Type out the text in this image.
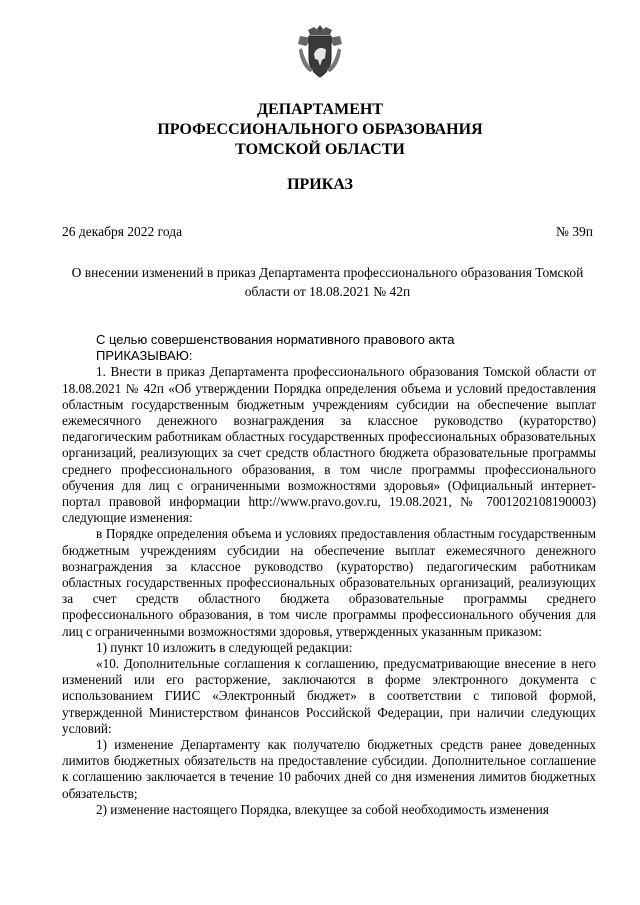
ДЕПАРТАМЕНТ
ПРОФЕССИОНАЛЬНОГО ОБРАЗОВАНИЯ
ТОМСКОЙ ОБЛАСТИ
ПРИКАЗ
26 декабря 2022 года	№ 39п
О внесении изменений в приказ Департамента профессионального образования Томской области от 18.08.2021 № 42п

С целью совершенствования нормативного правового акта

ПРИКАЗЫВАЮ:

1. Внести в приказ Департамента профессионального образования Томской области от 18.08.2021 № 42п «Об утверждении Порядка определения объема и условий предоставления областным государственным бюджетным учреждениям субсидии на обеспечение выплат ежемесячного денежного вознаграждения за классное руководство (кураторство) педагогическим работникам областных государственных профессиональных образовательных организаций, реализующих за счет средств областного бюджета образовательные программы среднего профессионального образования, в том числе программы профессионального обучения для лиц с ограниченными возможностями здоровья» (Официальный интернет-портал правовой информации http://www.pravo.gov.ru, 19.08.2021, № 7001202108190003) следующие изменения:

в Порядке определения объема и условиях предоставления областным государственным бюджетным учреждениям субсидии на обеспечение выплат ежемесячного денежного вознаграждения за классное руководство (кураторство) педагогическим работникам областных государственных профессиональных образовательных организаций, реализующих за счет средств областного бюджета образовательные программы среднего профессионального образования, в том числе программы профессионального обучения для лиц с ограниченными возможностями здоровья, утвержденных указанным приказом:

1) пункт 10 изложить в следующей редакции:

«10. Дополнительные соглашения к соглашению, предусматривающие внесение в него изменений или его расторжение, заключаются в форме электронного документа с использованием ГИИС «Электронный бюджет» в соответствии с типовой формой, утвержденной Министерством финансов Российской Федерации, при наличии следующих условий:

1) изменение Департаменту как получателю бюджетных средств ранее доведенных лимитов бюджетных обязательств на предоставление субсидии. Дополнительное соглашение к соглашению заключается в течение 10 рабочих дней со дня изменения лимитов бюджетных обязательств;

2) изменение настоящего Порядка, влекущее за собой необходимость изменения
